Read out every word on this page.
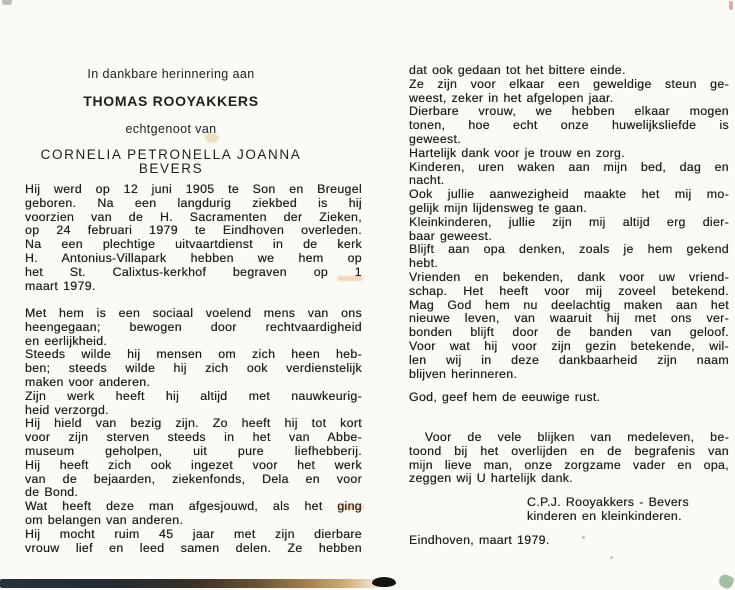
In dankbare herinnering aan
THOMAS ROOYAKKERS
echtgenoot van
CORNELIA PETRONELLA JOANNA
BEVERS
Hij werd op 12 juni 1905 te Son en Breugel
geboren. Na een langdurig ziekbed is hij
voorzien van de H. Sacramenten der Zieken,
op 24 februari 1979 te Eindhoven overleden.
Na een plechtige uitvaartdienst in de kerk
H. Antonius-Villapark hebben we hem op
het St. Calixtus-kerkhof begraven op 1
maart 1979.
Met hem is een sociaal voelend mens van ons
heengegaan; bewogen door rechtvaardigheid
en eerlijkheid.
Steeds wilde hij mensen om zich heen heb-
ben; steeds wilde hij zich ook verdienstelijk
maken voor anderen.
Zijn werk heeft hij altijd met nauwkeurig-
heid verzorgd.
Hij hield van bezig zijn. Zo heeft hij tot kort
voor zijn sterven steeds in het van Abbe-
museum geholpen, uit pure liefhebberij.
Hij heeft zich ook ingezet voor het werk
van de bejaarden, ziekenfonds, Dela en voor
de Bond.
Wat heeft deze man afgesjouwd, als het ging
om belangen van anderen.
Hij mocht ruim 45 jaar met zijn dierbare
vrouw lief en leed samen delen. Ze hebben
dat ook gedaan tot het bittere einde.
Ze zijn voor elkaar een geweldige steun ge-
weest, zeker in het afgelopen jaar.
Dierbare vrouw, we hebben elkaar mogen
tonen, hoe echt onze huwelijksliefde is
geweest.
Hartelijk dank voor je trouw en zorg.
Kinderen, uren waken aan mijn bed, dag en
nacht.
Ook jullie aanwezigheid maakte het mij mo-
gelijk mijn lijdensweg te gaan.
Kleinkinderen, jullie zijn mij altijd erg dier-
baar geweest.
Blijft aan opa denken, zoals je hem gekend
hebt.
Vrienden en bekenden, dank voor uw vriend-
schap. Het heeft voor mij zoveel betekend.
Mag God hem nu deelachtig maken aan het
nieuwe leven, van waaruit hij met ons ver-
bonden blijft door de banden van geloof.
Voor wat hij voor zijn gezin betekende, wil-
len wij in deze dankbaarheid zijn naam
blijven herinneren.
God, geef hem de eeuwige rust.
Voor de vele blijken van medeleven, be-
toond bij het overlijden en de begrafenis van
mijn lieve man, onze zorgzame vader en opa,
zeggen wij U hartelijk dank.
C.P.J. Rooyakkers - Bevers
kinderen en kleinkinderen.
Eindhoven, maart 1979.
